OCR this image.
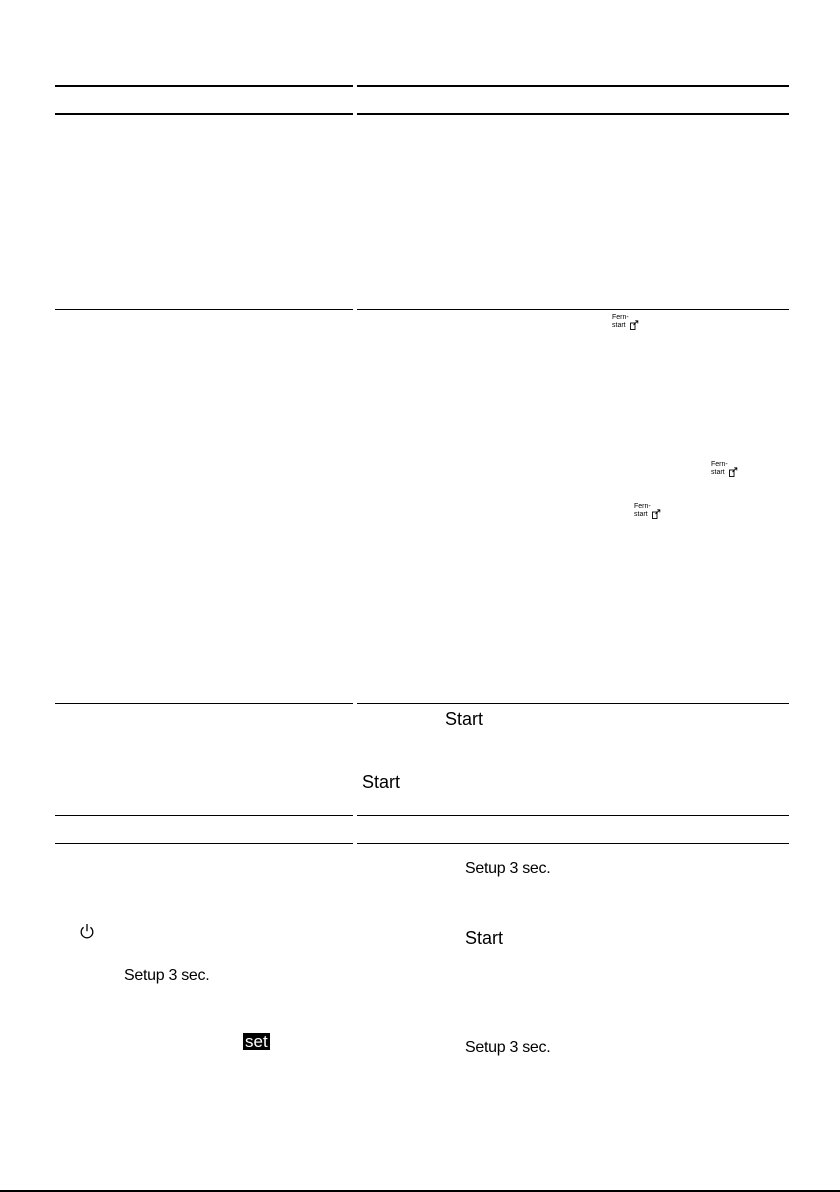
Fern-
start
Fern-
start
Fern-
start
Start
Start
Start
Setup 3 sec.
Setup 3 sec.
Setup 3 sec.
set
